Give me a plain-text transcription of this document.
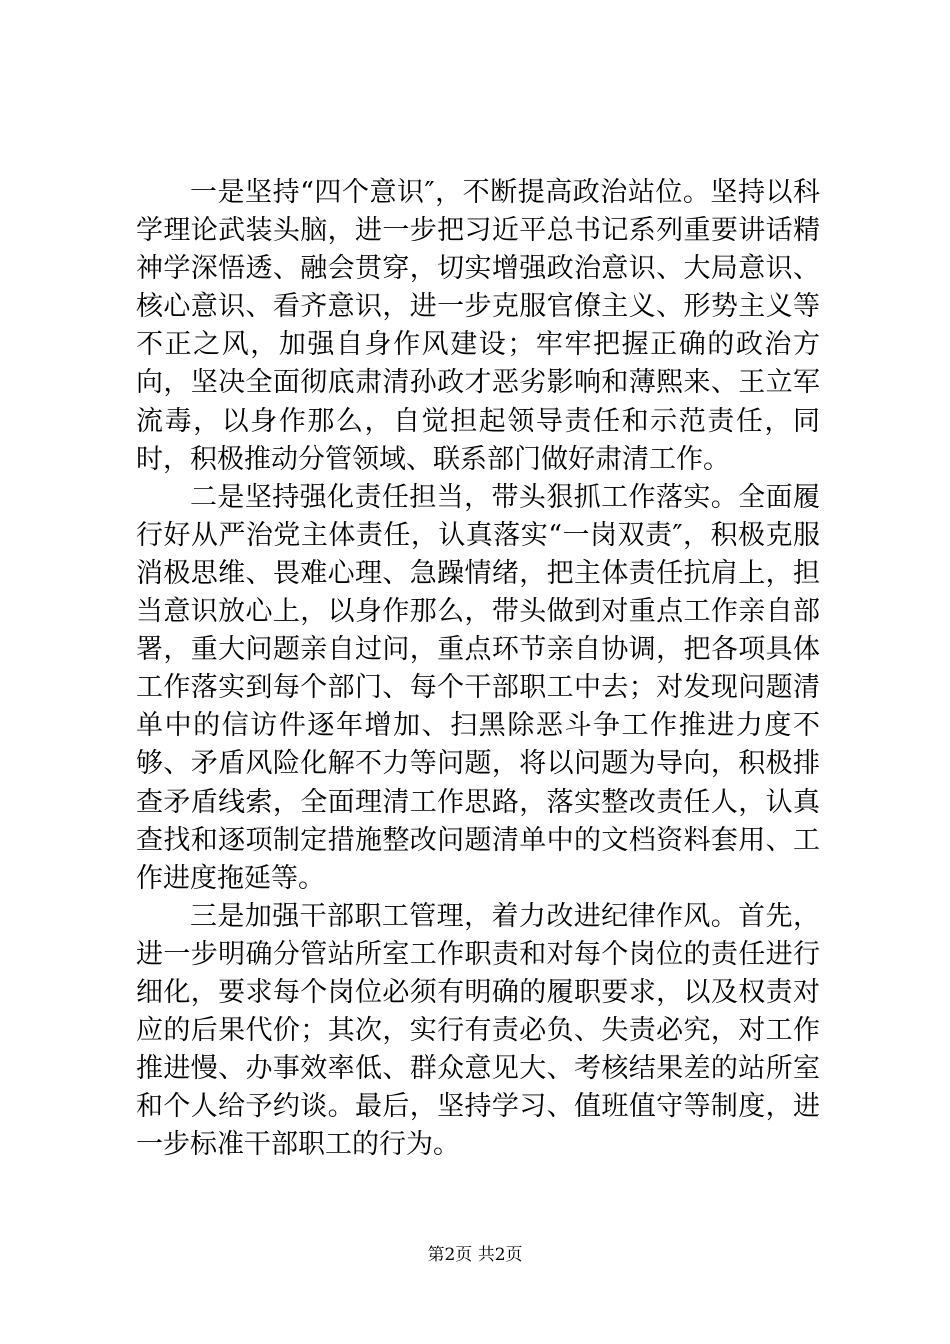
一是坚持“四个意识″，不断提高政治站位。坚持以科学理论武装头脑，进一步把习近平总书记系列重要讲话精神学深悟透、融会贯穿，切实增强政治意识、大局意识、核心意识、看齐意识，进一步克服官僚主义、形势主义等不正之风，加强自身作风建设；牢牢把握正确的政治方向，坚决全面彻底肃清孙政才恶劣影响和薄熙来、王立军流毒，以身作那么，自觉担起领导责任和示范责任，同时，积极推动分管领域、联系部门做好肃清工作。

二是坚持强化责任担当，带头狠抓工作落实。全面履行好从严治党主体责任，认真落实“一岗双责″，积极克服消极思维、畏难心理、急躁情绪，把主体责任抗肩上，担当意识放心上，以身作那么，带头做到对重点工作亲自部署，重大问题亲自过问，重点环节亲自协调，把各项具体工作落实到每个部门、每个干部职工中去；对发现问题清单中的信访件逐年增加、扫黑除恶斗争工作推进力度不够、矛盾风险化解不力等问题，将以问题为导向，积极排查矛盾线索，全面理清工作思路，落实整改责任人，认真查找和逐项制定措施整改问题清单中的文档资料套用、工作进度拖延等。

三是加强干部职工管理，着力改进纪律作风。首先，进一步明确分管站所室工作职责和对每个岗位的责任进行细化，要求每个岗位必须有明确的履职要求，以及权责对应的后果代价；其次，实行有责必负、失责必究，对工作推进慢、办事效率低、群众意见大、考核结果差的站所室和个人给予约谈。最后，坚持学习、值班值守等制度，进一步标准干部职工的行为。

第2页 共2页
